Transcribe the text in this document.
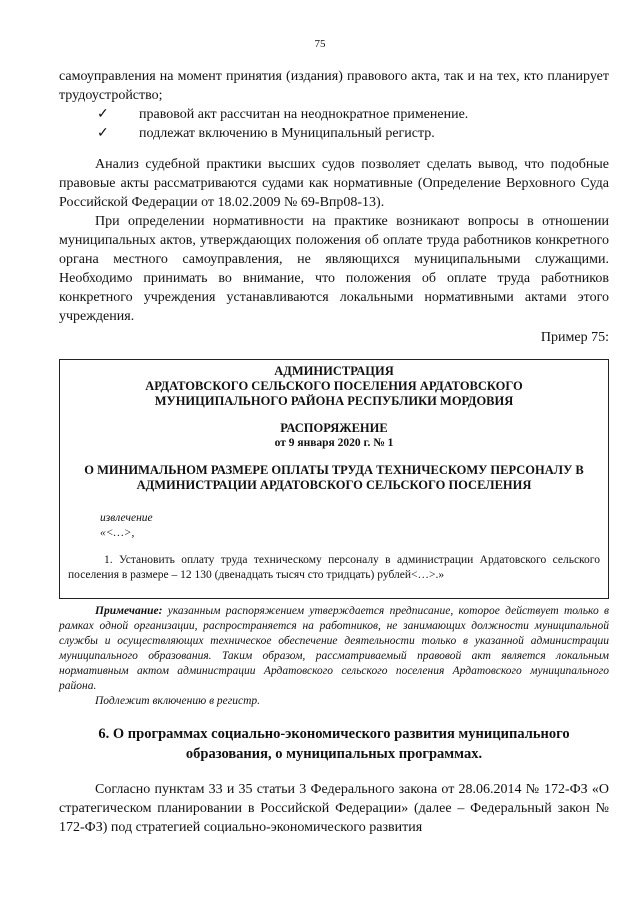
75

самоуправления на момент принятия (издания) правового акта, так и на тех, кто планирует трудоустройство;

✓	правовой акт рассчитан на неоднократное применение.
✓	подлежат включению в Муниципальный регистр.

Анализ судебной практики высших судов позволяет сделать вывод, что подобные правовые акты рассматриваются судами как нормативные (Определение Верховного Суда Российской Федерации от 18.02.2009 № 69-Впр08-13).

При определении нормативности на практике возникают вопросы в отношении муниципальных актов, утверждающих положения об оплате труда работников конкретного органа местного самоуправления, не являющихся муниципальными служащими. Необходимо принимать во внимание, что положения об оплате труда работников конкретного учреждения устанавливаются локальными нормативными актами этого учреждения.

Пример 75:

АДМИНИСТРАЦИЯ

АРДАТОВСКОГО СЕЛЬСКОГО ПОСЕЛЕНИЯ АРДАТОВСКОГО МУНИЦИПАЛЬНОГО РАЙОНА РЕСПУБЛИКИ МОРДОВИЯ

РАСПОРЯЖЕНИЕ

от 9 января 2020 г. № 1

О МИНИМАЛЬНОМ РАЗМЕРЕ ОПЛАТЫ ТРУДА ТЕХНИЧЕСКОМУ ПЕРСОНАЛУ В АДМИНИСТРАЦИИ АРДАТОВСКОГО СЕЛЬСКОГО ПОСЕЛЕНИЯ

извлечение

«<…>,

1. Установить оплату труда техническому персоналу в администрации Ардатовского сельского поселения в размере – 12 130 (двенадцать тысяч сто тридцать) рублей<…>.»

Примечание: указанным распоряжением утверждается предписание, которое действует только в рамках одной организации, распространяется на работников, не занимающих должности муниципальной службы и осуществляющих техническое обеспечение деятельности только в указанной администрации муниципального образования. Таким образом, рассматриваемый правовой акт является локальным нормативным актом администрации Ардатовского сельского поселения Ардатовского муниципального района.

Подлежит включению в регистр.

6. О программах социально-экономического развития муниципального образования, о муниципальных программах.

Согласно пунктам 33 и 35 статьи 3 Федерального закона от 28.06.2014 № 172-ФЗ «О стратегическом планировании в Российской Федерации» (далее – Федеральный закон № 172-ФЗ) под стратегией социально-экономического развития
